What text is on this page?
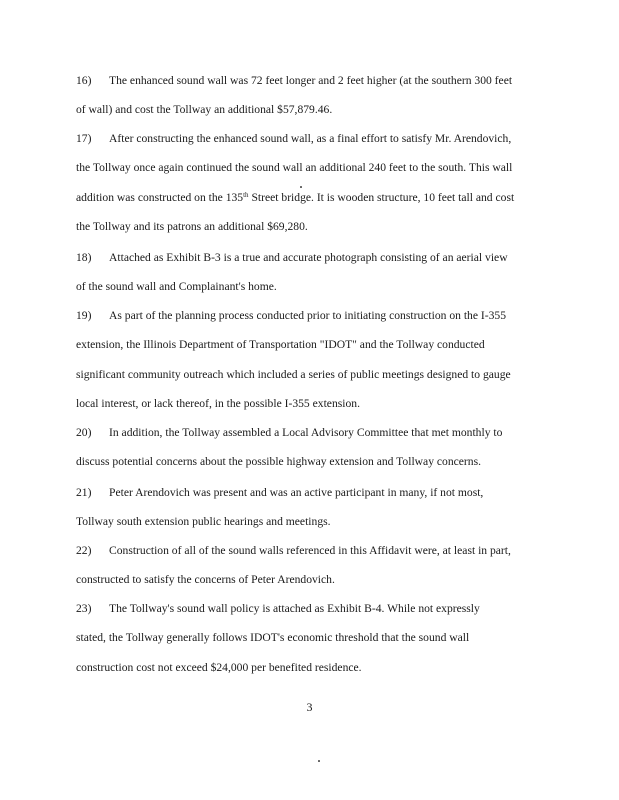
16) The enhanced sound wall was 72 feet longer and 2 feet higher (at the southern 300 feet
of wall) and cost the Tollway an additional $57,879.46.
17) After constructing the enhanced sound wall, as a final effort to satisfy Mr. Arendovich,
the Tollway once again continued the sound wall an additional 240 feet to the south. This wall
addition was constructed on the 135th Street bridge. It is wooden structure, 10 feet tall and cost
the Tollway and its patrons an additional $69,280.
18) Attached as Exhibit B-3 is a true and accurate photograph consisting of an aerial view
of the sound wall and Complainant's home.
19) As part of the planning process conducted prior to initiating construction on the I-355
extension, the Illinois Department of Transportation "IDOT" and the Tollway conducted
significant community outreach which included a series of public meetings designed to gauge
local interest, or lack thereof, in the possible I-355 extension.
20) In addition, the Tollway assembled a Local Advisory Committee that met monthly to
discuss potential concerns about the possible highway extension and Tollway concerns.
21) Peter Arendovich was present and was an active participant in many, if not most,
Tollway south extension public hearings and meetings.
22) Construction of all of the sound walls referenced in this Affidavit were, at least in part,
constructed to satisfy the concerns of Peter Arendovich.
23) The Tollway's sound wall policy is attached as Exhibit B-4. While not expressly
stated, the Tollway generally follows IDOT's economic threshold that the sound wall
construction cost not exceed $24,000 per benefited residence.
3
